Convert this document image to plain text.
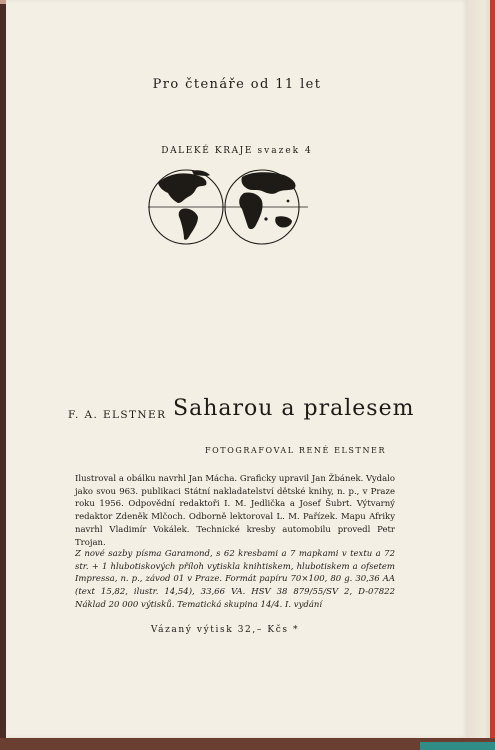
Pro čtenáře od 11 let
DALEKÉ KRAJE svazek 4
F. A. ELSTNER Saharou a pralesem
FOTOGRAFOVAL RENÉ ELSTNER

Ilustroval a obálku navrhl Jan Mácha. Graficky upravil Jan Žbánek. Vydalo jako svou 963. publikaci Státní nakladatelství dětské knihy, n. p., v Praze roku 1956. Odpovědní redaktoři I. M. Jedlička a Josef Šubrt. Výtvarný redaktor Zdeněk Mlčoch. Odborně lektoroval L. M. Pařízek. Mapu Afriky navrhl Vladimír Vokálek. Technické kresby automobilu provedl Petr Trojan.

Z nové sazby písma Garamond, s 62 kresbami a 7 mapkami v textu a 72 str. + 1 hlubotiskových příloh vytiskla knihtiskem, hlubotiskem a ofsetem Impressa, n. p., závod 01 v Praze. Formát papíru 70×100, 80 g. 30,36 AA (text 15,82, ilustr. 14,54), 33,66 VA. HSV 38 879/55/SV 2, D-07822 Náklad 20 000 výtisků. Tematická skupina 14/4. I. vydání

Vázaný výtisk 32,– Kčs *
